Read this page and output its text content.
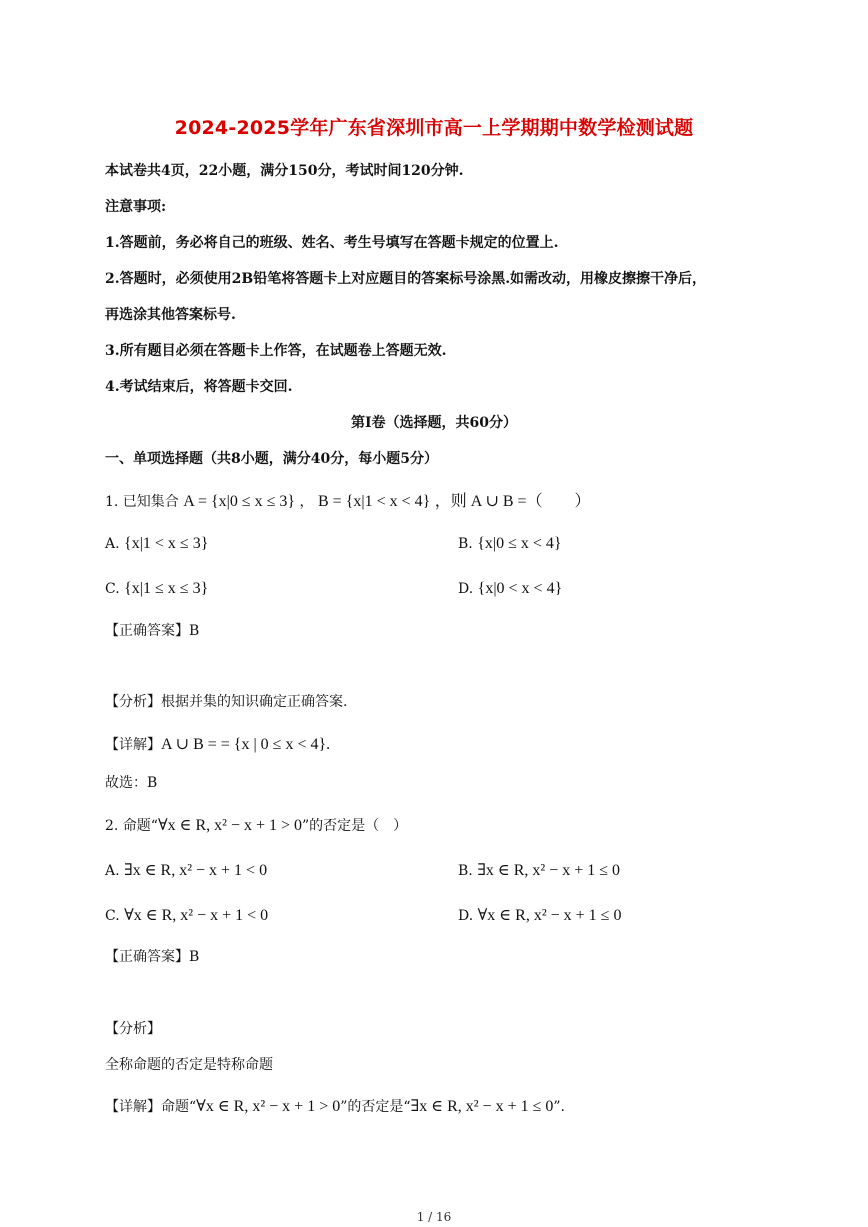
2024-2025学年广东省深圳市高一上学期期中数学检测试题
本试卷共4页，22小题，满分150分，考试时间120分钟.
注意事项:
1.答题前，务必将自己的班级、姓名、考生号填写在答题卡规定的位置上.
2.答题时，必须使用2B铅笔将答题卡上对应题目的答案标号涂黑.如需改动，用橡皮擦擦干净后，
再选涂其他答案标号.
3.所有题目必须在答题卡上作答，在试题卷上答题无效.
4.考试结束后，将答题卡交回.
第I卷（选择题，共60分）
一、单项选择题（共8小题，满分40分，每小题5分）
1. 已知集合 A = {x|0 ≤ x ≤ 3} ， B = {x|1 < x < 4} ，则 A ∪ B =（　　）
A. {x|1 < x ≤ 3}	B. {x|0 ≤ x < 4}
C. {x|1 ≤ x ≤ 3}	D. {x|0 < x < 4}
【正确答案】B
【分析】根据并集的知识确定正确答案.
【详解】A ∪ B = = {x | 0 ≤ x < 4}.
故选：B
2. 命题“∀x ∈ R, x² − x + 1 > 0”的否定是（　）
A. ∃x ∈ R, x² − x + 1 < 0	B. ∃x ∈ R, x² − x + 1 ≤ 0
C. ∀x ∈ R, x² − x + 1 < 0	D. ∀x ∈ R, x² − x + 1 ≤ 0
【正确答案】B
【分析】
全称命题的否定是特称命题
【详解】命题“∀x ∈ R, x² − x + 1 > 0”的否定是“∃x ∈ R, x² − x + 1 ≤ 0”.
1 / 16
